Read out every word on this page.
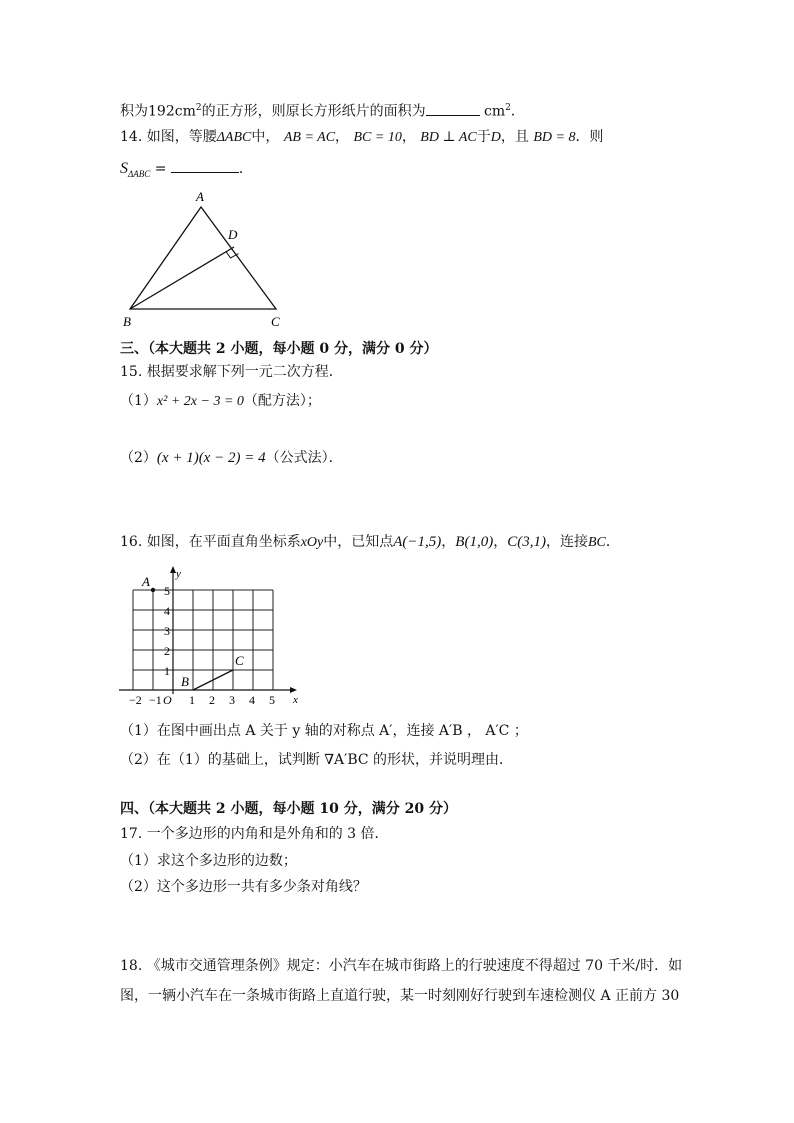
积为$192cm^2$的正方形，则原长方形纸片的面积为	$cm^2$．
14. 如图，等腰ΔABC中， AB = AC， BC = 10， BD ⊥ AC于D，且 BD = 8．则
$S_{\Delta ABC}$ =	．
A
D
B	C
三、（本大题共 2 小题，每小题 0 分，满分 0 分）
15. 根据要求解下列一元二次方程．
（1）x² + 2x − 3 = 0（配方法）；
（2）(x + 1)(x − 2) = 4（公式法）．
16. 如图，在平面直角坐标系xOy中，已知点A(−1,5)，B(1,0)，C(3,1)，连接BC．
x
y
−2 −1 O 1 2 3 4 5
1
2
3
4
5
A
B
C
（1）在图中画出点 A 关于 y 轴的对称点 A′，连接 A′B ， A′C ；
（2）在（1）的基础上，试判断 ∇A′BC 的形状，并说明理由．
四、（本大题共 2 小题，每小题 10 分，满分 20 分）
17. 一个多边形的内角和是外角和的 3 倍．
（1）求这个多边形的边数；
（2）这个多边形一共有多少条对角线？
18. 《城市交通管理条例》规定：小汽车在城市街路上的行驶速度不得超过 70 千米/时．如
图，一辆小汽车在一条城市街路上直道行驶，某一时刻刚好行驶到车速检测仪 A 正前方 30
